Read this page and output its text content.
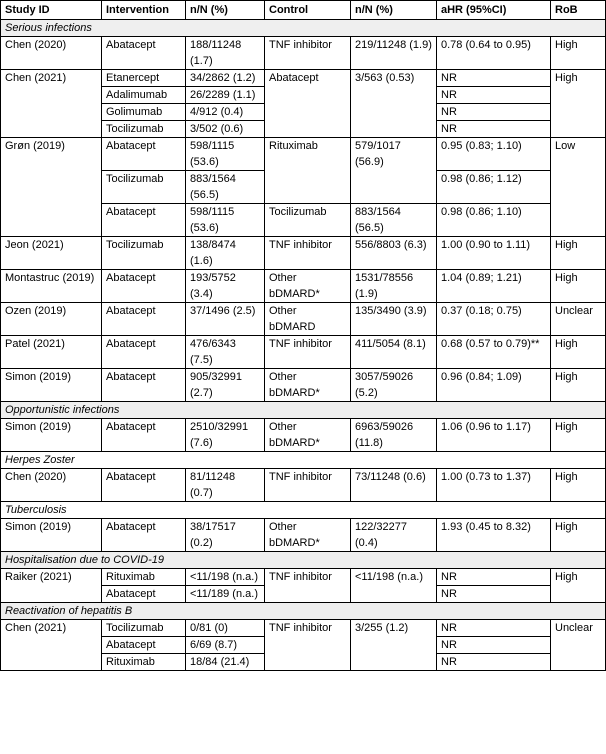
Study ID	Intervention	n/N (%)	Control	n/N (%)	aHR (95%CI)	RoB
Serious infections						
Chen (2020)	Abatacept	188/11248 (1.7)	TNF inhibitor	219/11248 (1.9)	0.78 (0.64 to 0.95)	High
Chen (2021)	Etanercept	34/2862 (1.2)	Abatacept	3/563 (0.53)	NR	High
	Adalimumab	26/2289 (1.1)			NR	
	Golimumab	4/912 (0.4)			NR	
	Tocilizumab	3/502 (0.6)			NR	
Grøn (2019)	Abatacept	598/1115 (53.6)	Rituximab	579/1017 (56.9)	0.95 (0.83; 1.10)	Low
	Tocilizumab	883/1564 (56.5)			0.98 (0.86; 1.12)	
	Abatacept	598/1115 (53.6)	Tocilizumab	883/1564 (56.5)	0.98 (0.86; 1.10)	
Jeon (2021)	Tocilizumab	138/8474 (1.6)	TNF inhibitor	556/8803 (6.3)	1.00 (0.90 to 1.11)	High
Montastruc (2019)	Abatacept	193/5752 (3.4)	Other bDMARD*	1531/78556 (1.9)	1.04 (0.89; 1.21)	High
Ozen (2019)	Abatacept	37/1496 (2.5)	Other bDMARD	135/3490 (3.9)	0.37 (0.18; 0.75)	Unclear
Patel (2021)	Abatacept	476/6343 (7.5)	TNF inhibitor	411/5054 (8.1)	0.68 (0.57 to 0.79)**	High
Simon (2019)	Abatacept	905/32991 (2.7)	Other bDMARD*	3057/59026 (5.2)	0.96 (0.84; 1.09)	High
Opportunistic infections						
Simon (2019)	Abatacept	2510/32991 (7.6)	Other bDMARD*	6963/59026 (11.8)	1.06 (0.96 to 1.17)	High
Herpes Zoster						
Chen (2020)	Abatacept	81/11248 (0.7)	TNF inhibitor	73/11248 (0.6)	1.00 (0.73 to 1.37)	High
Tuberculosis						
Simon (2019)	Abatacept	38/17517 (0.2)	Other bDMARD*	122/32277 (0.4)	1.93 (0.45 to 8.32)	High
Hospitalisation due to COVID-19						
Raiker (2021)	Rituximab	<11/198 (n.a.)	TNF inhibitor	<11/198 (n.a.)	NR	High
	Abatacept	<11/189 (n.a.)			NR	
Reactivation of hepatitis B						
Chen (2021)	Tocilizumab	0/81 (0)	TNF inhibitor	3/255 (1.2)	NR	Unclear
	Abatacept	6/69 (8.7)			NR	
	Rituximab	18/84 (21.4)			NR	
